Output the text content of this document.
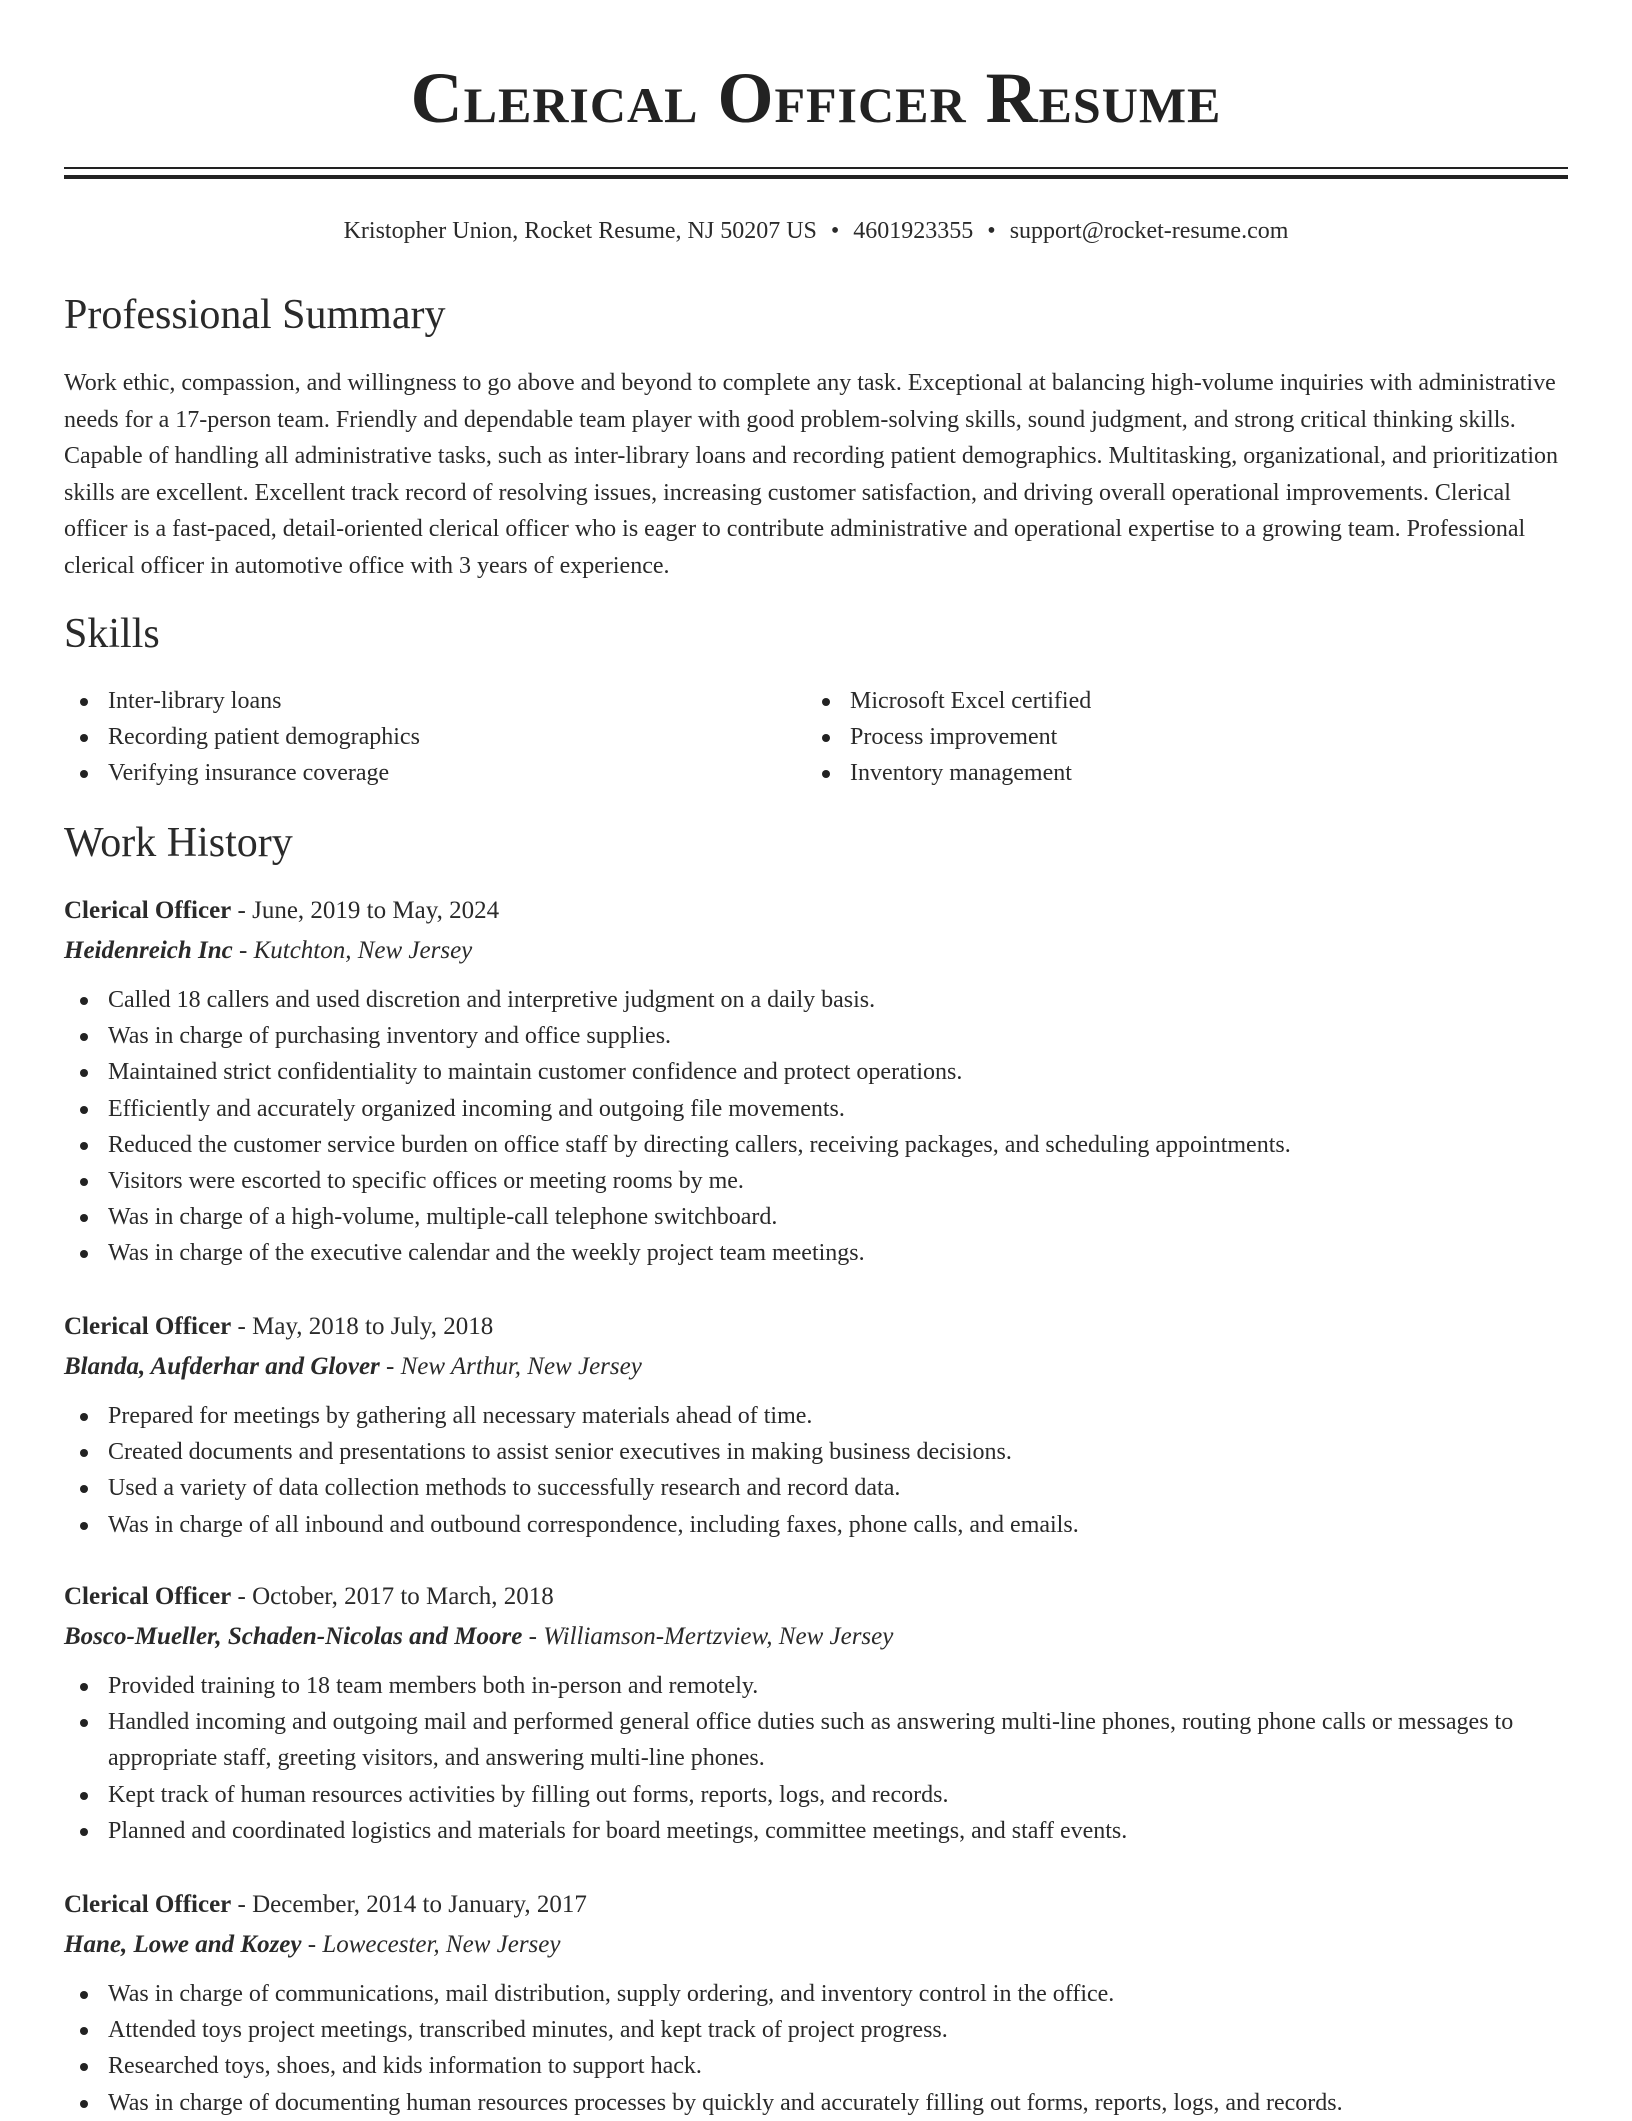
Clerical Officer Resume
Kristopher Union, Rocket Resume, NJ 50207 US • 4601923355 • support@rocket-resume.com
Professional Summary

Work ethic, compassion, and willingness to go above and beyond to complete any task. Exceptional at balancing high-volume inquiries with administrative needs for a 17-person team. Friendly and dependable team player with good problem-solving skills, sound judgment, and strong critical thinking skills. Capable of handling all administrative tasks, such as inter-library loans and recording patient demographics. Multitasking, organizational, and prioritization skills are excellent. Excellent track record of resolving issues, increasing customer satisfaction, and driving overall operational improvements. Clerical officer is a fast-paced, detail-oriented clerical officer who is eager to contribute administrative and operational expertise to a growing team. Professional clerical officer in automotive office with 3 years of experience.

Skills
Inter-library loans
Recording patient demographics
Verifying insurance coverage
Microsoft Excel certified
Process improvement
Inventory management
Work History

Clerical Officer - June, 2019 to May, 2024

Heidenreich Inc - Kutchton, New Jersey

Called 18 callers and used discretion and interpretive judgment on a daily basis.
Was in charge of purchasing inventory and office supplies.
Maintained strict confidentiality to maintain customer confidence and protect operations.
Efficiently and accurately organized incoming and outgoing file movements.
Reduced the customer service burden on office staff by directing callers, receiving packages, and scheduling appointments.
Visitors were escorted to specific offices or meeting rooms by me.
Was in charge of a high-volume, multiple-call telephone switchboard.
Was in charge of the executive calendar and the weekly project team meetings.

Clerical Officer - May, 2018 to July, 2018

Blanda, Aufderhar and Glover - New Arthur, New Jersey

Prepared for meetings by gathering all necessary materials ahead of time.
Created documents and presentations to assist senior executives in making business decisions.
Used a variety of data collection methods to successfully research and record data.
Was in charge of all inbound and outbound correspondence, including faxes, phone calls, and emails.

Clerical Officer - October, 2017 to March, 2018

Bosco-Mueller, Schaden-Nicolas and Moore - Williamson-Mertzview, New Jersey

Provided training to 18 team members both in-person and remotely.
Handled incoming and outgoing mail and performed general office duties such as answering multi-line phones, routing phone calls or messages to appropriate staff, greeting visitors, and answering multi-line phones.
Kept track of human resources activities by filling out forms, reports, logs, and records.
Planned and coordinated logistics and materials for board meetings, committee meetings, and staff events.

Clerical Officer - December, 2014 to January, 2017

Hane, Lowe and Kozey - Lowecester, New Jersey

Was in charge of communications, mail distribution, supply ordering, and inventory control in the office.
Attended toys project meetings, transcribed minutes, and kept track of project progress.
Researched toys, shoes, and kids information to support hack.
Was in charge of documenting human resources processes by quickly and accurately filling out forms, reports, logs, and records.
